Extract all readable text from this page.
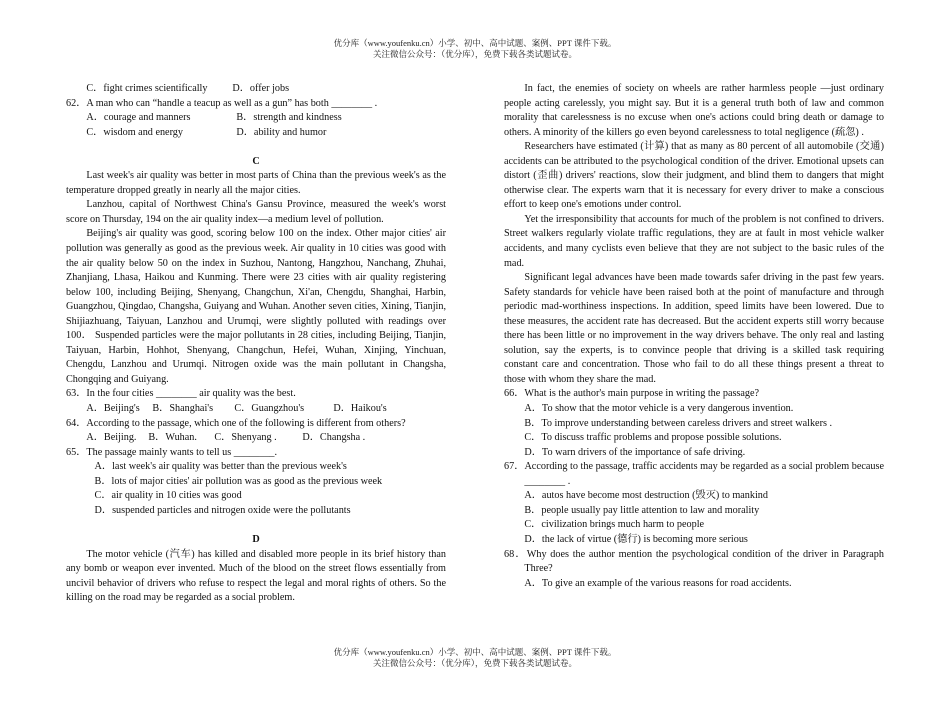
优分库（www.youfenku.cn）小学、初中、高中试题、案例、PPT 课件下载。
关注微信公众号：（优分库），免费下载各类试题试卷。
C．fight crimes scientifically	D．offer jobs

62．A man who can “handle a teacup as well as a gun” has both ________ .

A．courage and manners	B．strength and kindness
C．wisdom and energy	D．ability and humor

C

Last week's air quality was better in most parts of China than the previous week's as the temperature dropped greatly in nearly all the major cities.

Lanzhou, capital of Northwest China's Gansu Province, measured the week's worst score on Thursday, 194 on the air quality index—a medium level of pollution.

Beijing's air quality was good, scoring below 100 on the index. Other major cities' air pollution was generally as good as the previous week. Air quality in 10 cities was good with the air quality below 50 on the index in Suzhou, Nantong, Hangzhou, Nanchang, Zhuhai, Zhanjiang, Lhasa, Haikou and Kunming. There were 23 cities with air quality registering below 100, including Beijing, Shenyang, Changchun, Xi'an, Chengdu, Shanghai, Harbin, Guangzhou, Qingdao, Changsha, Guiyang and Wuhan. Another seven cities, Xining, Tianjin, Shijiazhuang, Taiyuan, Lanzhou and Urumqi, were slightly polluted with readings over 100． Suspended particles were the major pollutants in 28 cities, including Beijing, Tianjin, Taiyuan, Harbin, Hohhot, Shenyang, Changchun, Hefei, Wuhan, Xinjing, Yinchuan, Chengdu, Lanzhou and Urumqi. Nitrogen oxide was the main pollutant in Changsha, Chongqing and Guiyang.

63．In the four cities ________ air quality was the best.

A．Beijing's	B．Shanghai's	C．Guangzhou's	D．Haikou's

64．According to the passage, which one of the following is different from others?

A．Beijing.	B．Wuhan.	C．Shenyang .	D．Changsha .

65．The passage mainly wants to tell us ________.

A．last week's air quality was better than the previous week's

B．lots of major cities' air pollution was as good as the previous week

C．air quality in 10 cities was good

D．suspended particles and nitrogen oxide were the pollutants

D

The motor vehicle (汽车) has killed and disabled more people in its brief history than any bomb or weapon ever invented. Much of the blood on the street flows essentially from uncivil behavior of drivers who refuse to respect the legal and moral rights of others. So the killing on the road may be regarded as a social problem.

In fact, the enemies of society on wheels are rather harmless people —just ordinary people acting carelessly, you might say. But it is a general truth both of law and common morality that carelessness is no excuse when one's actions could bring death or damage to others. A minority of the killers go even beyond carelessness to total negligence (疏忽) .

Researchers have estimated (计算) that as many as 80 percent of all automobile (交通) accidents can be attributed to the psychological condition of the driver. Emotional upsets can distort (歪曲) drivers' reactions, slow their judgment, and blind them to dangers that might otherwise clear. The experts warn that it is necessary for every driver to make a conscious effort to keep one's emotions under control.

Yet the irresponsibility that accounts for much of the problem is not confined to drivers. Street walkers regularly violate traffic regulations, they are at fault in most vehicle walker accidents, and many cyclists even believe that they are not subject to the basic rules of the mad.

Significant legal advances have been made towards safer driving in the past few years. Safety standards for vehicle have been raised both at the point of manufacture and through periodic mad-worthiness inspections. In addition, speed limits have been lowered. Due to these measures, the accident rate has decreased. But the accident experts still worry because there has been little or no improvement in the way drivers behave. The only real and lasting solution, say the experts, is to convince people that driving is a skilled task requiring constant care and concentration. Those who fail to do all these things present a threat to those with whom they share the mad.

66．What is the author's main purpose in writing the passage?

A．To show that the motor vehicle is a very dangerous invention.

B．To improve understanding between careless drivers and street walkers .

C．To discuss traffic problems and propose possible solutions.

D．To warn drivers of the importance of safe driving.

67．According to the passage, traffic accidents may be regarded as a social problem because ________ .

A．autos have become most destruction (毁灭) to mankind

B．people usually pay little attention to law and morality

C．civilization brings much harm to people

D．the lack of virtue (德行) is becoming more serious

68．Why does the author mention the psychological condition of the driver in Paragraph Three?

A．To give an example of the various reasons for road accidents.

优分库（www.youfenku.cn）小学、初中、高中试题、案例、PPT 课件下载。
关注微信公众号：（优分库），免费下载各类试题试卷。
